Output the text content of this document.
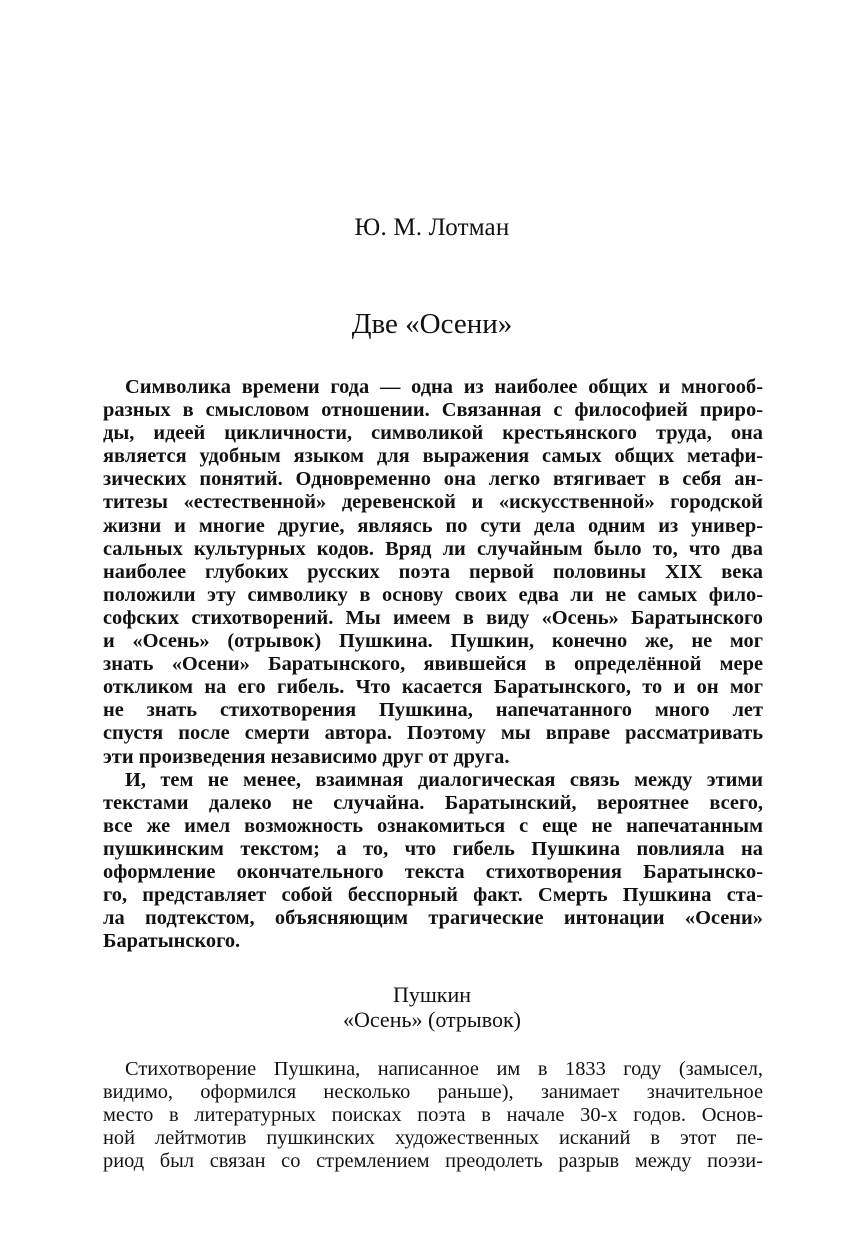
Ю. М. Лотман
Две «Осени»
Символика времени года — одна из наиболее общих и многооб-
разных в смысловом отношении. Связанная с философией приро-
ды, идеей цикличности, символикой крестьянского труда, она
является удобным языком для выражения самых общих метафи-
зических понятий. Одновременно она легко втягивает в себя ан-
титезы «естественной» деревенской и «искусственной» городской
жизни и многие другие, являясь по сути дела одним из универ-
сальных культурных кодов. Вряд ли случайным было то, что два
наиболее глубоких русских поэта первой половины XIX века
положили эту символику в основу своих едва ли не самых фило-
софских стихотворений. Мы имеем в виду «Осень» Баратынского
и «Осень» (отрывок) Пушкина. Пушкин, конечно же, не мог
знать «Осени» Баратынского, явившейся в определённой мере
откликом на его гибель. Что касается Баратынского, то и он мог
не знать стихотворения Пушкина, напечатанного много лет
спустя после смерти автора. Поэтому мы вправе рассматривать
эти произведения независимо друг от друга.
И, тем не менее, взаимная диалогическая связь между этими
текстами далеко не случайна. Баратынский, вероятнее всего,
все же имел возможность ознакомиться с еще не напечатанным
пушкинским текстом; а то, что гибель Пушкина повлияла на
оформление окончательного текста стихотворения Баратынско-
го, представляет собой бесспорный факт. Смерть Пушкина ста-
ла подтекстом, объясняющим трагические интонации «Осени»
Баратынского.
Пушкин
«Осень» (отрывок)
Стихотворение Пушкина, написанное им в 1833 году (замысел,
видимо, оформился несколько раньше), занимает значительное
место в литературных поисках поэта в начале 30-х годов. Основ-
ной лейтмотив пушкинских художественных исканий в этот пе-
риод был связан со стремлением преодолеть разрыв между поэзи-
